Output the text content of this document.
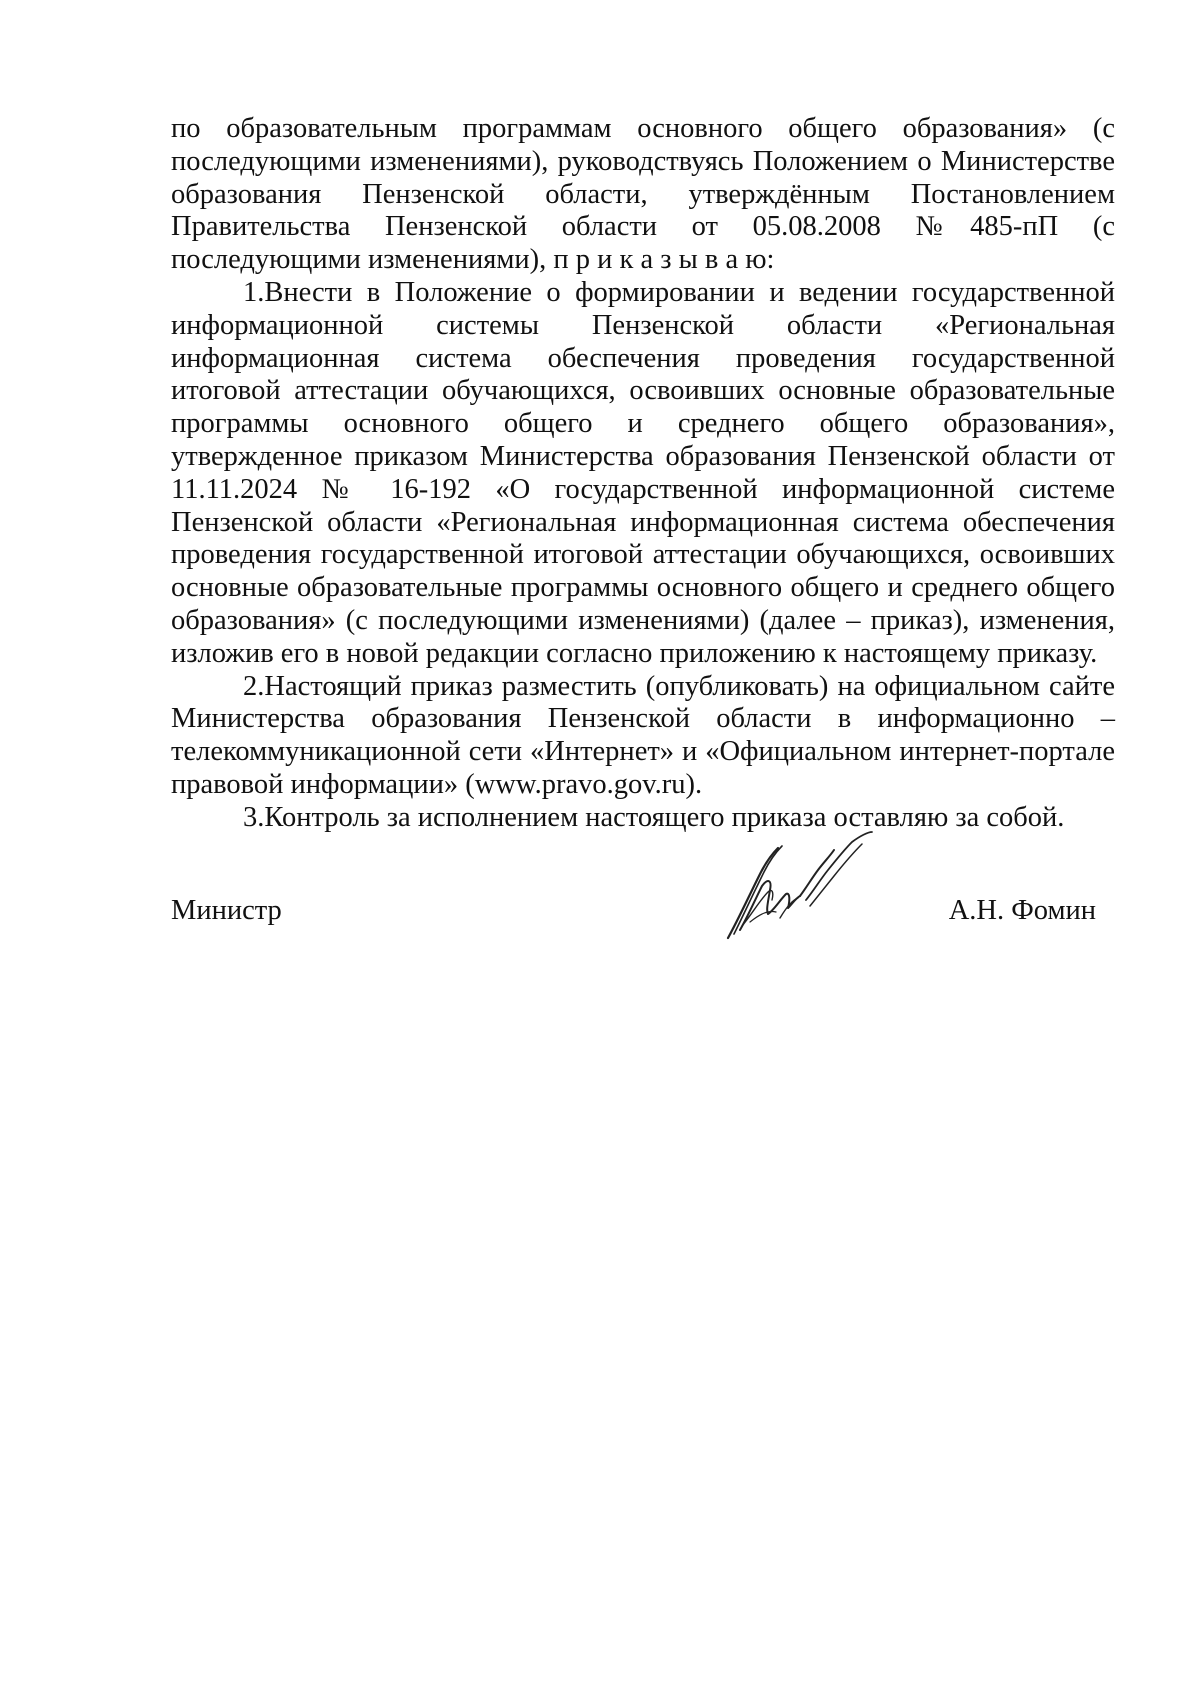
по образовательным программам основного общего образования» (с последующими изменениями), руководствуясь Положением о Министерстве образования Пензенской области, утверждённым Постановлением Правительства Пензенской области от 05.08.2008 №485-пП (с последующими изменениями), п р и к а з ы в а ю:

1.Внести в Положение о формировании и ведении государственной информационной системы Пензенской области «Региональная информационная система обеспечения проведения государственной итоговой аттестации обучающихся, освоивших основные образовательные программы основного общего и среднего общего образования», утвержденное приказом Министерства образования Пензенской области от 11.11.2024 № 16-192 «О государственной информационной системе Пензенской области «Региональная информационная система обеспечения проведения государственной итоговой аттестации обучающихся, освоивших основные образовательные программы основного общего и среднего общего образования» (с последующими изменениями) (далее – приказ), изменения, изложив его в новой редакции согласно приложению к настоящему приказу.

2.Настоящий приказ разместить (опубликовать) на официальном сайте Министерства образования Пензенской области в информационно – телекоммуникационной сети «Интернет» и «Официальном интернет-портале правовой информации» (www.pravo.gov.ru).

3.Контроль за исполнением настоящего приказа оставляю за собой.

Министр	А.Н. Фомин
